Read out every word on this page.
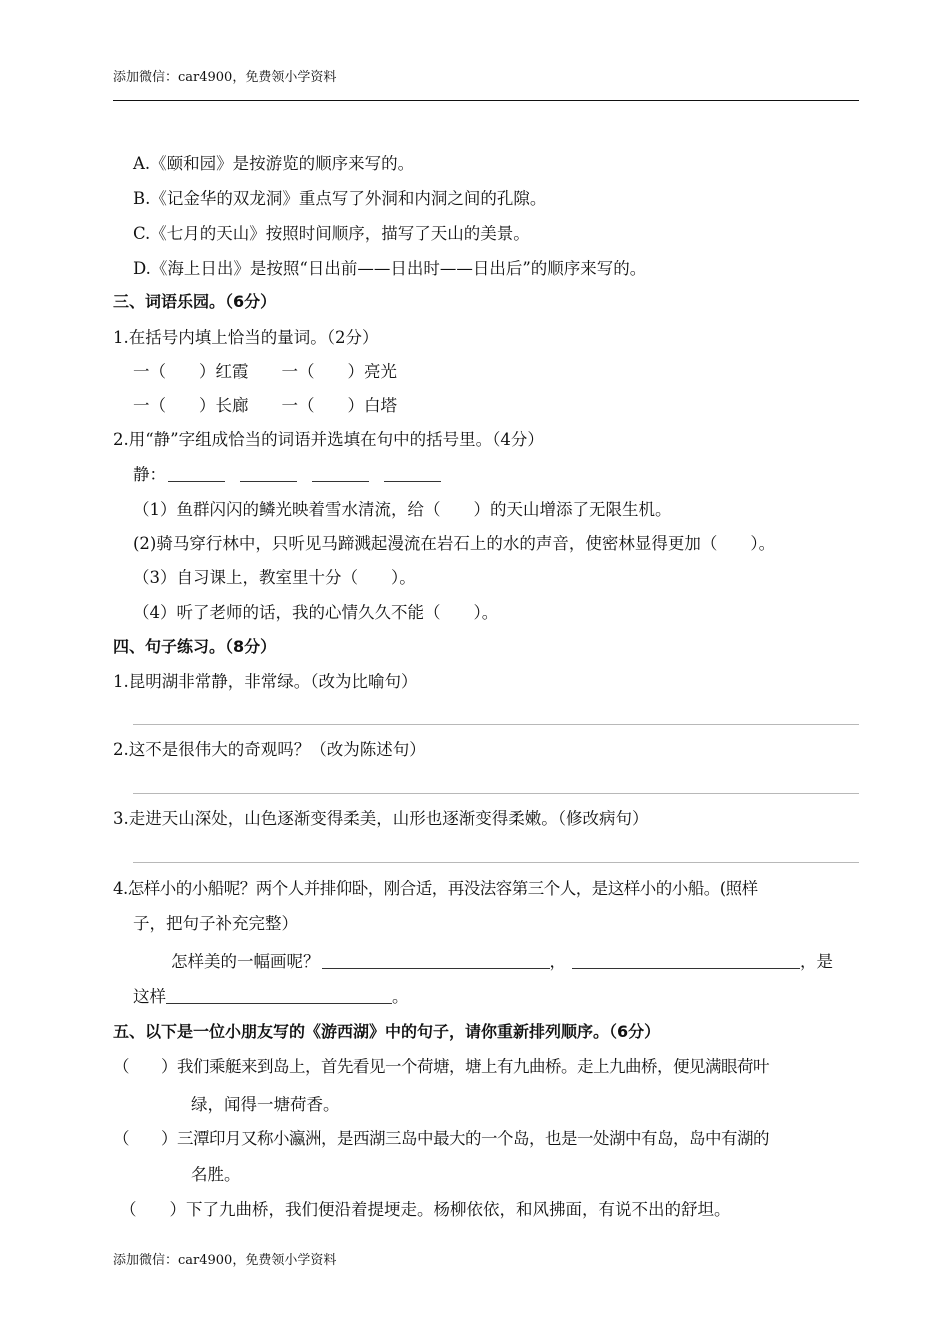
添加微信：car4900，免费领小学资料
A.《颐和园》是按游览的顺序来写的。
B.《记金华的双龙洞》重点写了外洞和内洞之间的孔隙。
C.《七月的天山》按照时间顺序，描写了天山的美景。
D.《海上日出》是按照“日出前——日出时——日出后”的顺序来写的。
三、词语乐园。（6分）
1.在括号内填上恰当的量词。（2分）
一（　　）红霞　　一（　　）亮光
一（　　）长廊　　一（　　）白塔
2.用“静”字组成恰当的词语并选填在句中的括号里。（4分）
静：
（1）鱼群闪闪的鳞光映着雪水清流，给（　　）的天山增添了无限生机。
(2)骑马穿行林中，只听见马蹄溅起漫流在岩石上的水的声音，使密林显得更加（　　）。
（3）自习课上，教室里十分（　　）。
（4）听了老师的话，我的心情久久不能（　　）。
四、句子练习。（8分）
1.昆明湖非常静，非常绿。（改为比喻句）
2.这不是很伟大的奇观吗？（改为陈述句）
3.走进天山深处，山色逐渐变得柔美，山形也逐渐变得柔嫩。（修改病句）
4.怎样小的小船呢？两个人并排仰卧，刚合适，再没法容第三个人，是这样小的小船。(照样
子，把句子补充完整）
怎样美的一幅画呢？	，	，是
这样	。
五、以下是一位小朋友写的《游西湖》中的句子，请你重新排列顺序。（6分）
（　　）我们乘艇来到岛上，首先看见一个荷塘，塘上有九曲桥。走上九曲桥，便见满眼荷叶
绿，闻得一塘荷香。
（　　）三潭印月又称小瀛洲，是西湖三岛中最大的一个岛，也是一处湖中有岛，岛中有湖的
名胜。
（　　）下了九曲桥，我们便沿着提埂走。杨柳依依，和风拂面，有说不出的舒坦。
添加微信：car4900，免费领小学资料
